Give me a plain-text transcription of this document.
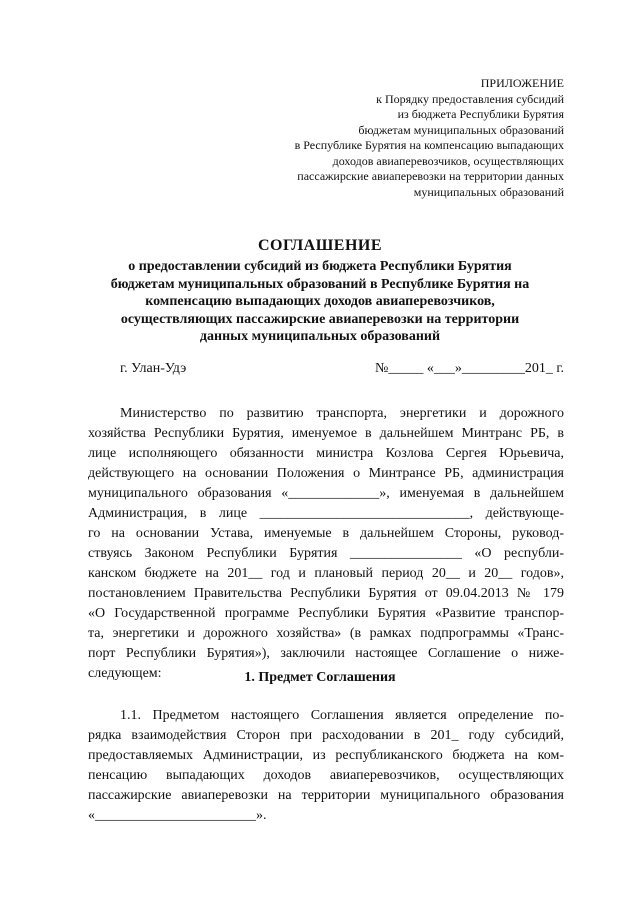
ПРИЛОЖЕНИЕ
к Порядку предоставления субсидий
из бюджета Республики Бурятия
бюджетам муниципальных образований
в Республике Бурятия на компенсацию выпадающих
доходов авиаперевозчиков, осуществляющих
пассажирские авиаперевозки на территории данных
муниципальных образований
СОГЛАШЕНИЕ
о предоставлении субсидий из бюджета Республики Бурятия
бюджетам муниципальных образований в Республике Бурятия на
компенсацию выпадающих доходов авиаперевозчиков,
осуществляющих пассажирские авиаперевозки на территории
данных муниципальных образований
г. Улан-Удэ	№_____ «___»_________201_ г.
Министерство по развитию транспорта, энергетики и дорожного
хозяйства Республики Бурятия, именуемое в дальнейшем Минтранс РБ, в
лице исполняющего обязанности министра Козлова Сергея Юрьевича,
действующего на основании Положения о Минтрансе РБ, администрация
муниципального образования «_____________», именуемая в дальнейшем
Администрация, в лице ______________________________, действующе-
го на основании Устава, именуемые в дальнейшем Стороны, руковод-
ствуясь Законом Республики Бурятия ________________ «О республи-
канском бюджете на 201__ год и плановый период 20__ и 20__ годов»,
постановлением Правительства Республики Бурятия от 09.04.2013 № 179
«О Государственной программе Республики Бурятия «Развитие транспор-
та, энергетики и дорожного хозяйства» (в рамках подпрограммы «Транс-
порт Республики Бурятия»), заключили настоящее Соглашение о ниже-
следующем:	1. Предмет Соглашения
1.1. Предметом настоящего Соглашения является определение по-
рядка взаимодействия Сторон при расходовании в 201_ году субсидий,
предоставляемых Администрации, из республиканского бюджета на ком-
пенсацию выпадающих доходов авиаперевозчиков, осуществляющих
пассажирские авиаперевозки на территории муниципального образования
«_______________________».
